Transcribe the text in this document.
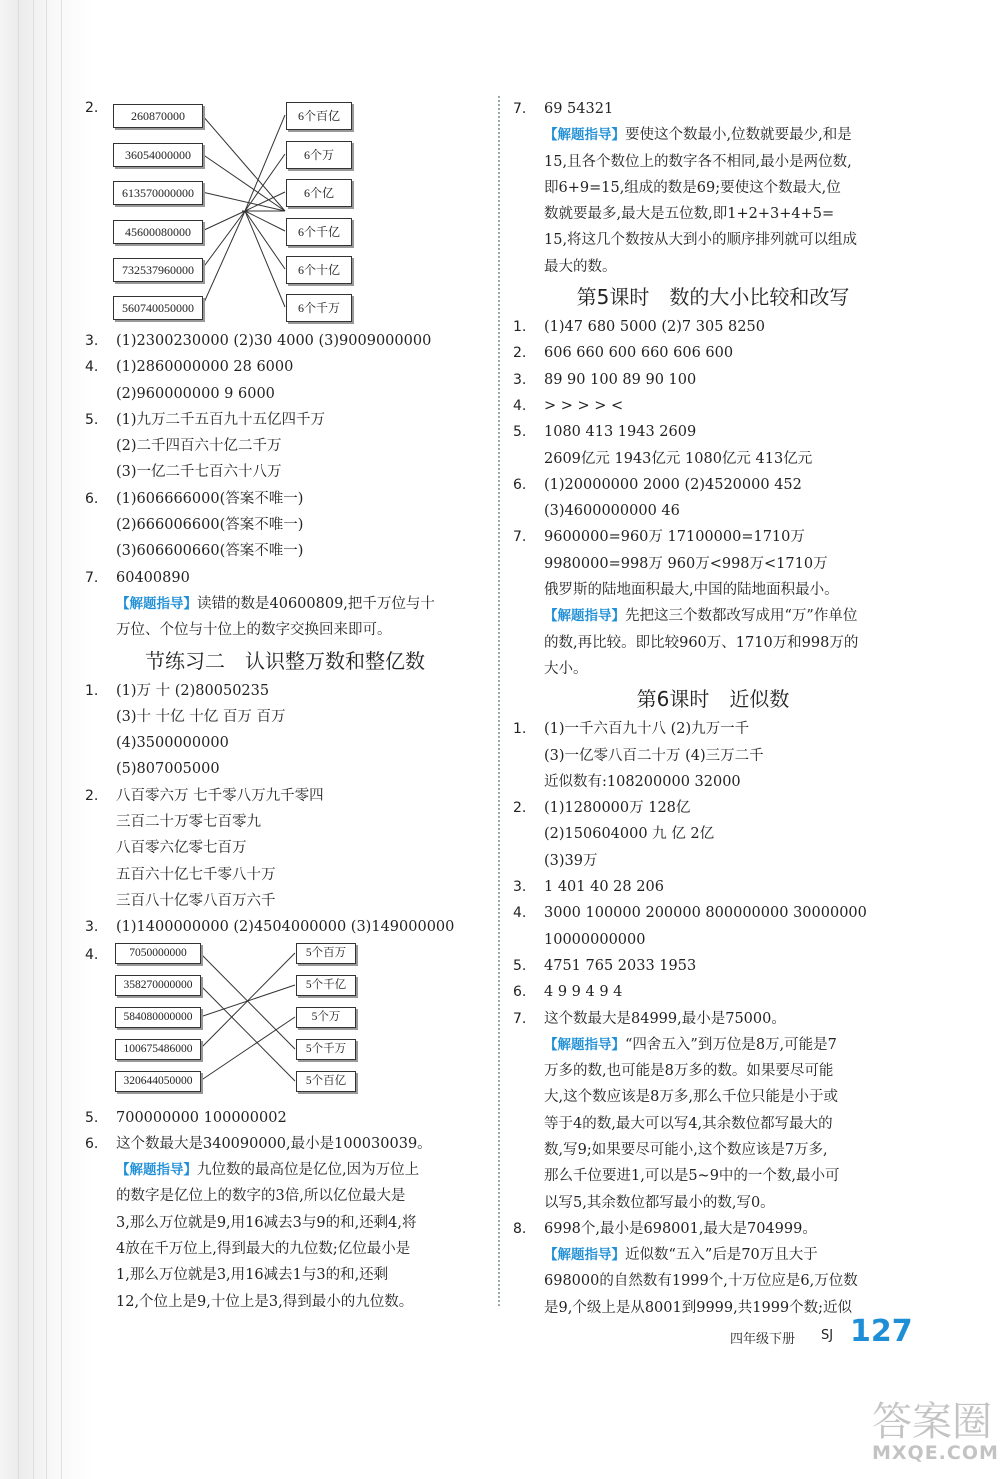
2.	260870000
36054000000
613570000000
45600080000
732537960000
560740050000
6个百亿
6个万
6个亿
6个千亿
6个十亿
6个千万
3. (1)2300230000 (2)30 4000 (3)9009000000
4. (1)2860000000 28 6000
(2)960000000 9 6000
5. (1)九万二千五百九十五亿四千万
(2)二千四百六十亿二千万
(3)一亿二千七百六十八万
6. (1)606666000(答案不唯一)
(2)666006600(答案不唯一)
(3)606600660(答案不唯一)
7. 60400890
【解题指导】读错的数是40600809,把千万位与十
万位、个位与十位上的数字交换回来即可。
节练习二　认识整万数和整亿数
1. (1)万 十 (2)80050235
(3)十 十亿 十亿 百万 百万
(4)3500000000
(5)807005000
2. 八百零六万 七千零八万九千零四
三百二十万零七百零九
八百零六亿零七百万
五百六十亿七千零八十万
三百八十亿零八百万六千
3. (1)1400000000 (2)4504000000 (3)149000000
4.	7050000000
358270000000
584080000000
100675486000
320644050000
5个百万
5个千亿
5个万
5个千万
5个百亿
5. 700000000 100000002
6. 这个数最大是340090000,最小是100030039。
【解题指导】九位数的最高位是亿位,因为万位上
的数字是亿位上的数字的3倍,所以亿位最大是
3,那么万位就是9,用16减去3与9的和,还剩4,将
4放在千万位上,得到最大的九位数;亿位最小是
1,那么万位就是3,用16减去1与3的和,还剩
12,个位上是9,十位上是3,得到最小的九位数。
7. 69 54321
【解题指导】要使这个数最小,位数就要最少,和是
15,且各个数位上的数字各不相同,最小是两位数,
即6+9=15,组成的数是69;要使这个数最大,位
数就要最多,最大是五位数,即1+2+3+4+5=
15,将这几个数按从大到小的顺序排列就可以组成
最大的数。
第5课时　数的大小比较和改写
1. (1)47 680 5000 (2)7 305 8250
2. 606 660 600 660 606 600
3. 89 90 100 89 90 100
4. > > > > <
5. 1080 413 1943 2609
2609亿元 1943亿元 1080亿元 413亿元
6. (1)20000000 2000 (2)4520000 452
(3)4600000000 46
7. 9600000=960万 17100000=1710万
9980000=998万 960万<998万<1710万
俄罗斯的陆地面积最大,中国的陆地面积最小。
【解题指导】先把这三个数都改写成用“万”作单位
的数,再比较。即比较960万、1710万和998万的
大小。
第6课时　近似数
1. (1)一千六百九十八 (2)九万一千
(3)一亿零八百二十万 (4)三万二千
近似数有:108200000 32000
2. (1)1280000万 128亿
(2)150604000 九 亿 2亿
(3)39万
3. 1 401 40 28 206
4. 3000 100000 200000 800000000 30000000
10000000000
5. 4751 765 2033 1953
6. 4 9 9 4 9 4
7. 这个数最大是84999,最小是75000。
【解题指导】“四舍五入”到万位是8万,可能是7
万多的数,也可能是8万多的数。如果要尽可能
大,这个数应该是8万多,那么千位只能是小于或
等于4的数,最大可以写4,其余数位都写最大的
数,写9;如果要尽可能小,这个数应该是7万多,
那么千位要进1,可以是5~9中的一个数,最小可
以写5,其余数位都写最小的数,写0。
8. 6998个,最小是698001,最大是704999。
【解题指导】近似数“五入”后是70万且大于
698000的自然数有1999个,十万位应是6,万位数
是9,个级上是从8001到9999,共1999个数;近似
四年级下册 SJ 127
答案圈
MXQE.COM
